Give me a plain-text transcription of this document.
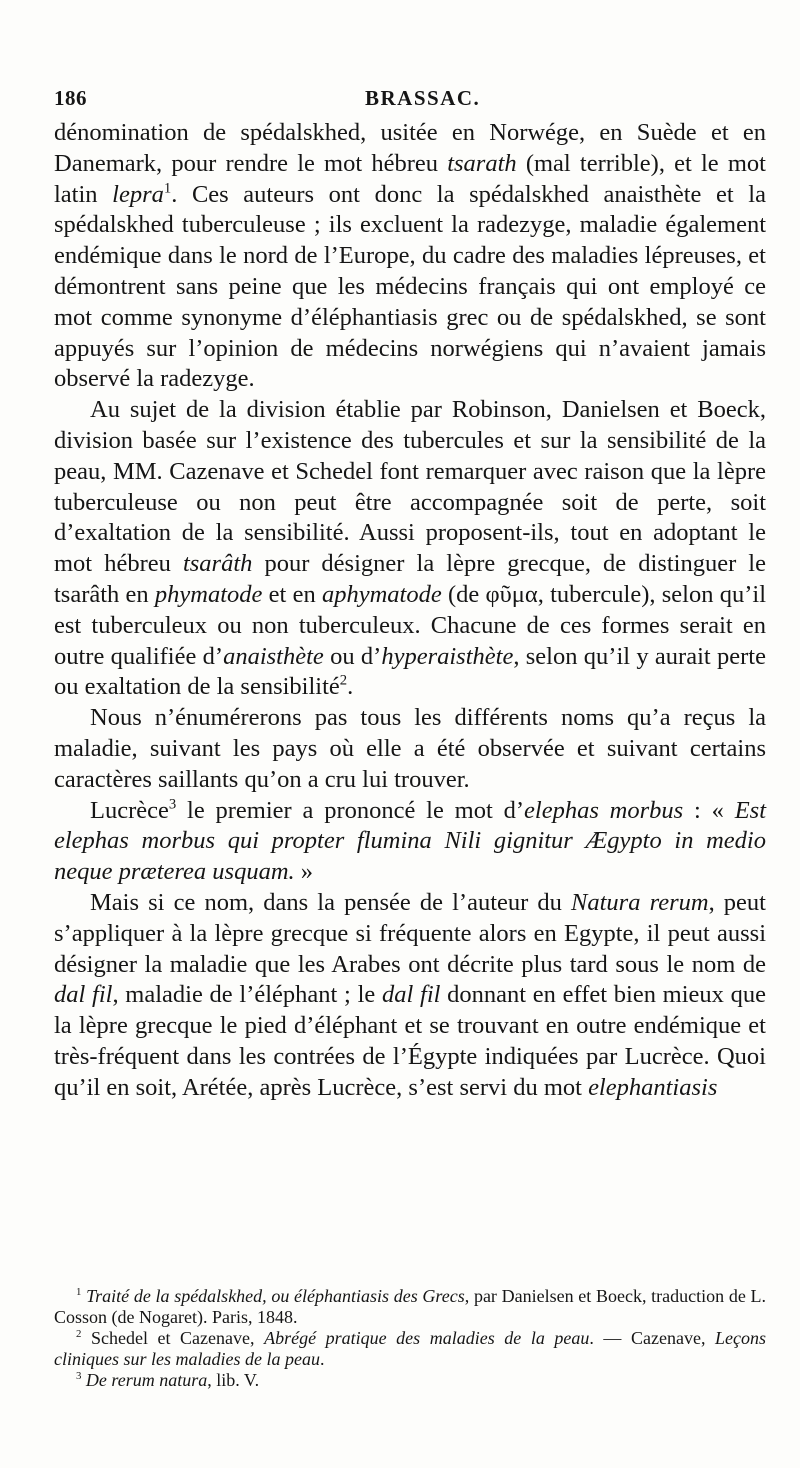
186	BRASSAC.

dénomination de spédalskhed, usitée en Norwége, en Suède et en Danemark, pour rendre le mot hébreu tsarath (mal terrible), et le mot latin lepra$^1$. Ces auteurs ont donc la spédalskhed anaisthète et la spédalskhed tuberculeuse ; ils excluent la radezyge, maladie également endémique dans le nord de l’Europe, du cadre des maladies lépreuses, et démontrent sans peine que les médecins français qui ont employé ce mot comme synonyme d’éléphantiasis grec ou de spédalskhed, se sont appuyés sur l’opinion de médecins norwégiens qui n’avaient jamais observé la radezyge.

Au sujet de la division établie par Robinson, Danielsen et Boeck, division basée sur l’existence des tubercules et sur la sensibilité de la peau, MM. Cazenave et Schedel font remarquer avec raison que la lèpre tuberculeuse ou non peut être accompagnée soit de perte, soit d’exaltation de la sensibilité. Aussi proposent-ils, tout en adoptant le mot hébreu tsarâth pour désigner la lèpre grecque, de distinguer le tsarâth en phymatode et en aphymatode (de φῦμα, tubercule), selon qu’il est tuberculeux ou non tuberculeux. Chacune de ces formes serait en outre qualifiée d’anaisthète ou d’hyperaisthète, selon qu’il y aurait perte ou exaltation de la sensibilité$^2$.

Nous n’énumérerons pas tous les différents noms qu’a reçus la maladie, suivant les pays où elle a été observée et suivant certains caractères saillants qu’on a cru lui trouver.

Lucrèce$^3$ le premier a prononcé le mot d’elephas morbus : « Est elephas morbus qui propter flumina Nili gignitur Ægypto in medio neque præterea usquam. »

Mais si ce nom, dans la pensée de l’auteur du Natura rerum, peut s’appliquer à la lèpre grecque si fréquente alors en Egypte, il peut aussi désigner la maladie que les Arabes ont décrite plus tard sous le nom de dal fil, maladie de l’éléphant ; le dal fil donnant en effet bien mieux que la lèpre grecque le pied d’éléphant et se trouvant en outre endémique et très-fréquent dans les contrées de l’Égypte indiquées par Lucrèce. Quoi qu’il en soit, Arétée, après Lucrèce, s’est servi du mot elephantiasis

$^1$ Traité de la spédalskhed, ou éléphantiasis des Grecs, par Danielsen et Boeck, traduction de L. Cosson (de Nogaret). Paris, 1848.

$^2$ Schedel et Cazenave, Abrégé pratique des maladies de la peau. — Cazenave, Leçons cliniques sur les maladies de la peau.

$^3$ De rerum natura, lib. V.
